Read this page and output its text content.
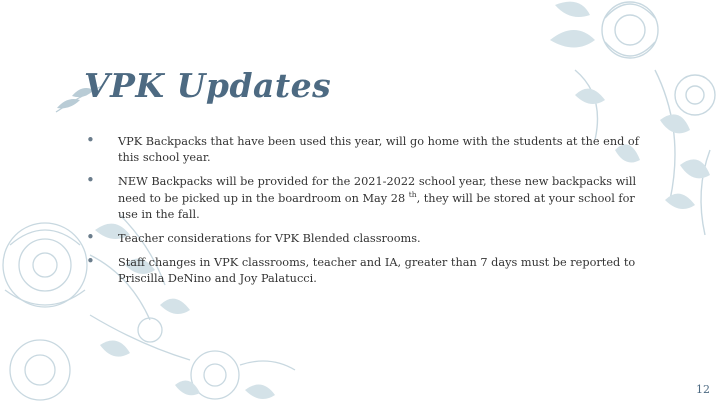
VPK Updates
• VPK Backpacks that have been used this year, will go home with the students at the end of this school year.
• NEW Backpacks will be provided for the 2021-2022 school year, these new backpacks will need to be picked up in the boardroom on May 28 $^{th}$, they will be stored at your school for use in the fall.
• Teacher considerations for VPK Blended classrooms.
• Staff changes in VPK classrooms, teacher and IA, greater than 7 days must be reported to Priscilla DeNino and Joy Palatucci.
12
